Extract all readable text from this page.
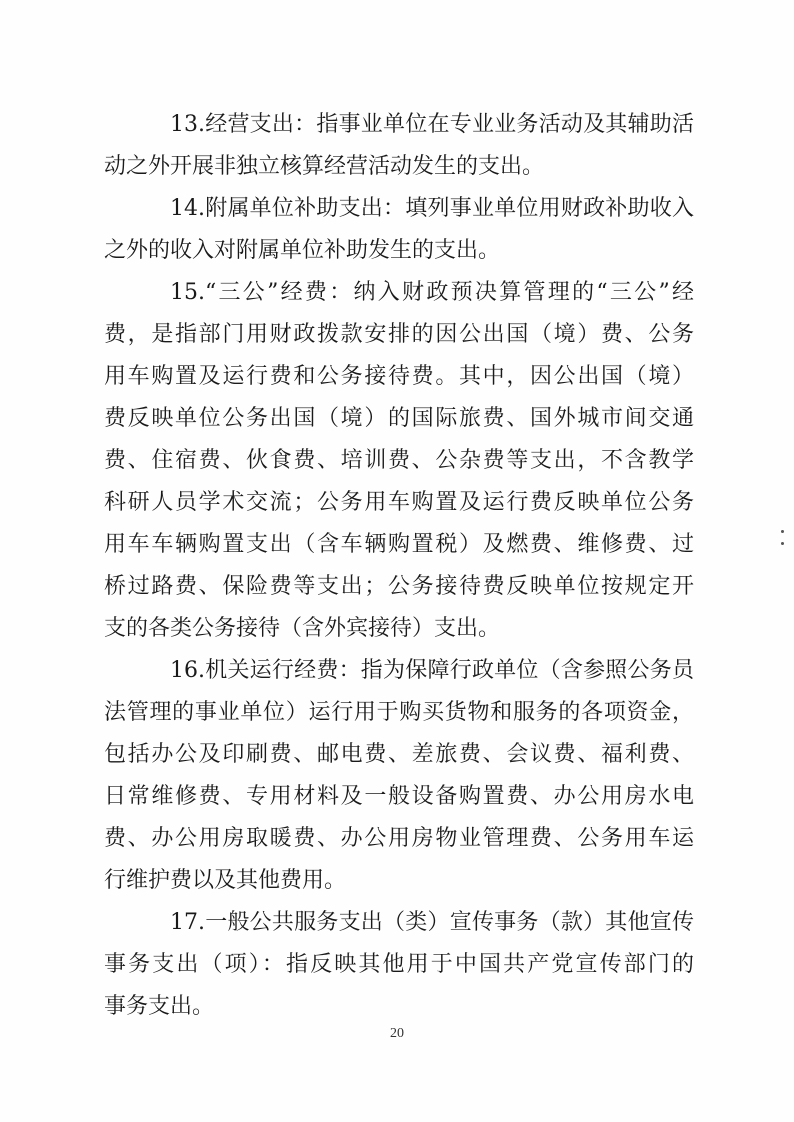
13.经营支出：指事业单位在专业业务活动及其辅助活
动之外开展非独立核算经营活动发生的支出。
14.附属单位补助支出：填列事业单位用财政补助收入
之外的收入对附属单位补助发生的支出。
15.“三公”经费：纳入财政预决算管理的“三公”经
费，是指部门用财政拨款安排的因公出国（境）费、公务
用车购置及运行费和公务接待费。其中，因公出国（境）
费反映单位公务出国（境）的国际旅费、国外城市间交通
费、住宿费、伙食费、培训费、公杂费等支出，不含教学
科研人员学术交流；公务用车购置及运行费反映单位公务
用车车辆购置支出（含车辆购置税）及燃费、维修费、过
桥过路费、保险费等支出；公务接待费反映单位按规定开
支的各类公务接待（含外宾接待）支出。
16.机关运行经费：指为保障行政单位（含参照公务员
法管理的事业单位）运行用于购买货物和服务的各项资金，
包括办公及印刷费、邮电费、差旅费、会议费、福利费、
日常维修费、专用材料及一般设备购置费、办公用房水电
费、办公用房取暖费、办公用房物业管理费、公务用车运
行维护费以及其他费用。
17.一般公共服务支出（类）宣传事务（款）其他宣传
事务支出（项）：指反映其他用于中国共产党宣传部门的
事务支出。
20
